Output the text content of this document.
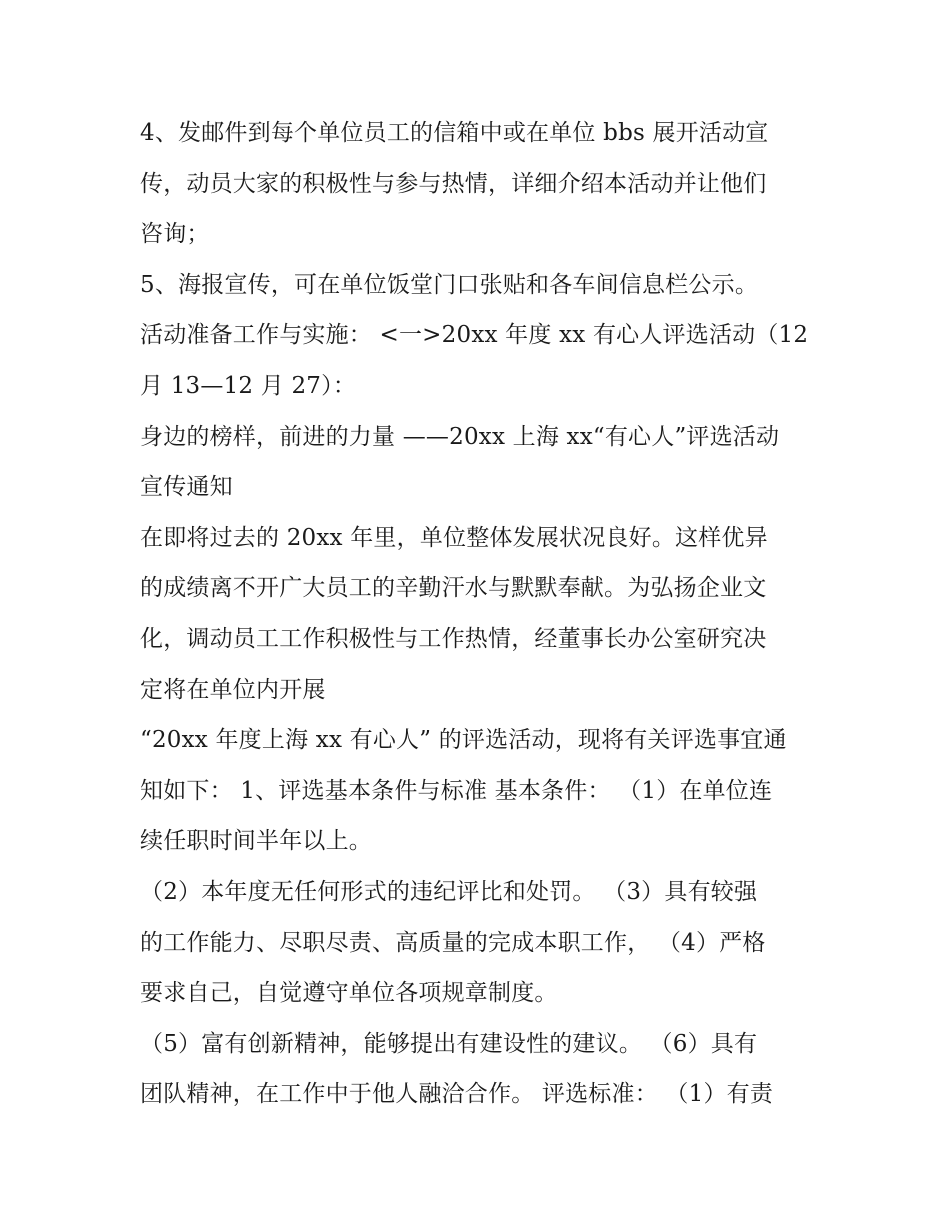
4、发邮件到每个单位员工的信箱中或在单位 bbs 展开活动宣
传，动员大家的积极性与参与热情，详细介绍本活动并让他们
咨询；
5、海报宣传，可在单位饭堂门口张贴和各车间信息栏公示。
活动准备工作与实施： <一>20xx 年度 xx 有心人评选活动（12
月 13—12 月 27）：
身边的榜样，前进的力量 ——20xx 上海 xx“有心人”评选活动
宣传通知
在即将过去的 20xx 年里，单位整体发展状况良好。这样优异
的成绩离不开广大员工的辛勤汗水与默默奉献。为弘扬企业文
化，调动员工工作积极性与工作热情，经董事长办公室研究决
定将在单位内开展
“20xx 年度上海 xx 有心人” 的评选活动，现将有关评选事宜通
知如下： 1、评选基本条件与标准 基本条件： （1）在单位连
续任职时间半年以上。
（2）本年度无任何形式的违纪评比和处罚。 （3）具有较强
的工作能力、尽职尽责、高质量的完成本职工作， （4）严格
要求自己，自觉遵守单位各项规章制度。
（5）富有创新精神，能够提出有建设性的建议。 （6）具有
团队精神，在工作中于他人融洽合作。 评选标准： （1）有责
